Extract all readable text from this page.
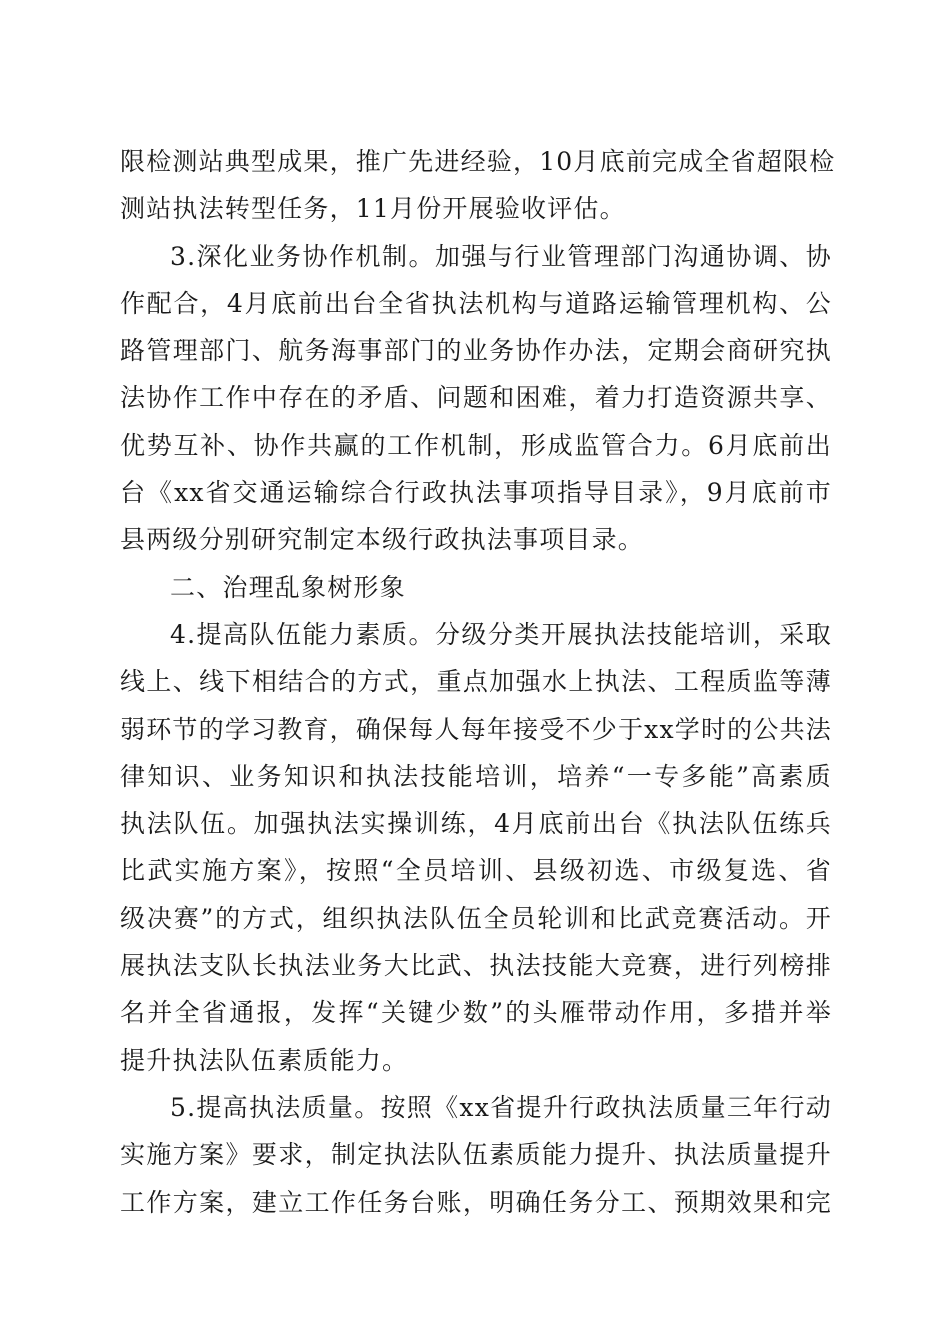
限检测站典型成果，推广先进经验，10月底前完成全省超限检
测站执法转型任务，11月份开展验收评估。
3.深化业务协作机制。加强与行业管理部门沟通协调、协
作配合，4月底前出台全省执法机构与道路运输管理机构、公
路管理部门、航务海事部门的业务协作办法，定期会商研究执
法协作工作中存在的矛盾、问题和困难，着力打造资源共享、
优势互补、协作共赢的工作机制，形成监管合力。6月底前出
台《xx省交通运输综合行政执法事项指导目录》，9月底前市
县两级分别研究制定本级行政执法事项目录。
二、治理乱象树形象
4.提高队伍能力素质。分级分类开展执法技能培训，采取
线上、线下相结合的方式，重点加强水上执法、工程质监等薄
弱环节的学习教育，确保每人每年接受不少于xx学时的公共法
律知识、业务知识和执法技能培训，培养“一专多能”高素质
执法队伍。加强执法实操训练，4月底前出台《执法队伍练兵
比武实施方案》，按照“全员培训、县级初选、市级复选、省
级决赛”的方式，组织执法队伍全员轮训和比武竞赛活动。开
展执法支队长执法业务大比武、执法技能大竞赛，进行列榜排
名并全省通报，发挥“关键少数”的头雁带动作用，多措并举
提升执法队伍素质能力。
5.提高执法质量。按照《xx省提升行政执法质量三年行动
实施方案》要求，制定执法队伍素质能力提升、执法质量提升
工作方案，建立工作任务台账，明确任务分工、预期效果和完
